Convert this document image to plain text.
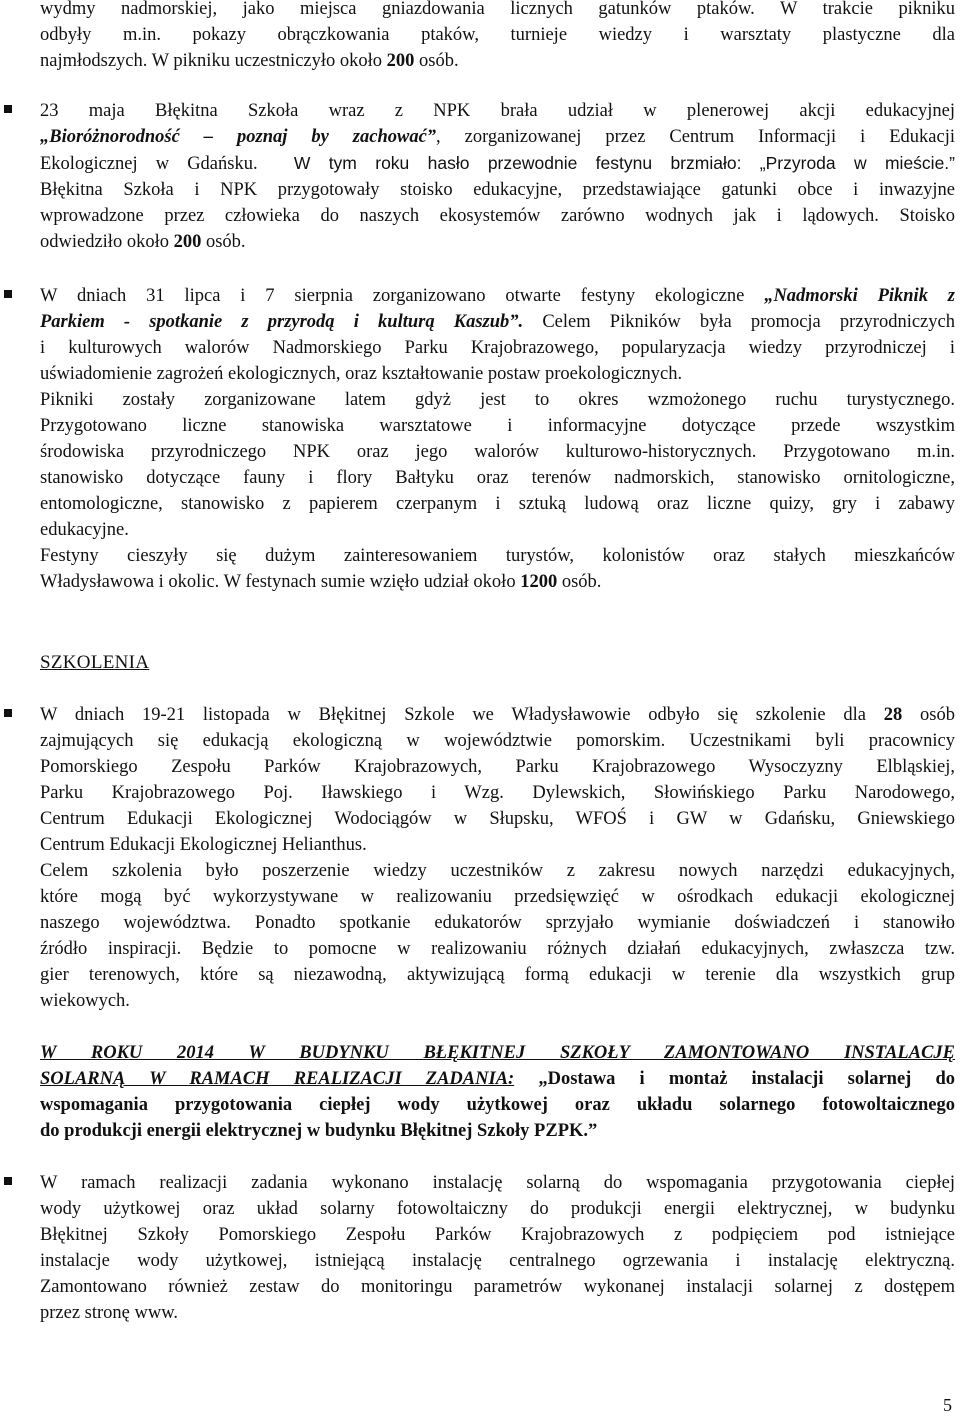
wydmy nadmorskiej, jako miejsca gniazdowania licznych gatunków ptaków. W trakcie pikniku
odbyły m.in. pokazy obrączkowania ptaków, turnieje wiedzy i warsztaty plastyczne dla
najmłodszych. W pikniku uczestniczyło około 200 osób.
23 maja Błękitna Szkoła wraz z NPK brała udział w plenerowej akcji edukacyjnej
„Bioróżnorodność – poznaj by zachować”, zorganizowanej przez Centrum Informacji i Edukacji
Ekologicznej w Gdańsku. W tym roku hasło przewodnie festynu brzmiało: „Przyroda w mieście.”
Błękitna Szkoła i NPK przygotowały stoisko edukacyjne, przedstawiające gatunki obce i inwazyjne
wprowadzone przez człowieka do naszych ekosystemów zarówno wodnych jak i lądowych. Stoisko
odwiedziło około 200 osób.
W dniach 31 lipca i 7 sierpnia zorganizowano otwarte festyny ekologiczne „Nadmorski Piknik z
Parkiem - spotkanie z przyrodą i kulturą Kaszub”. Celem Pikników była promocja przyrodniczych
i kulturowych walorów Nadmorskiego Parku Krajobrazowego, popularyzacja wiedzy przyrodniczej i
uświadomienie zagrożeń ekologicznych, oraz kształtowanie postaw proekologicznych.
Pikniki zostały zorganizowane latem gdyż jest to okres wzmożonego ruchu turystycznego.
Przygotowano liczne stanowiska warsztatowe i informacyjne dotyczące przede wszystkim
środowiska przyrodniczego NPK oraz jego walorów kulturowo-historycznych. Przygotowano m.in.
stanowisko dotyczące fauny i flory Bałtyku oraz terenów nadmorskich, stanowisko ornitologiczne,
entomologiczne, stanowisko z papierem czerpanym i sztuką ludową oraz liczne quizy, gry i zabawy
edukacyjne.
Festyny cieszyły się dużym zainteresowaniem turystów, kolonistów oraz stałych mieszkańców
Władysławowa i okolic. W festynach sumie wzięło udział około 1200 osób.
SZKOLENIA
W dniach 19-21 listopada w Błękitnej Szkole we Władysławowie odbyło się szkolenie dla 28 osób
zajmujących się edukacją ekologiczną w województwie pomorskim. Uczestnikami byli pracownicy
Pomorskiego Zespołu Parków Krajobrazowych, Parku Krajobrazowego Wysoczyzny Elbląskiej,
Parku Krajobrazowego Poj. Iławskiego i Wzg. Dylewskich, Słowińskiego Parku Narodowego,
Centrum Edukacji Ekologicznej Wodociągów w Słupsku, WFOŚ i GW w Gdańsku, Gniewskiego
Centrum Edukacji Ekologicznej Helianthus.
Celem szkolenia było poszerzenie wiedzy uczestników z zakresu nowych narzędzi edukacyjnych,
które mogą być wykorzystywane w realizowaniu przedsięwzięć w ośrodkach edukacji ekologicznej
naszego województwa. Ponadto spotkanie edukatorów sprzyjało wymianie doświadczeń i stanowiło
źródło inspiracji. Będzie to pomocne w realizowaniu różnych działań edukacyjnych, zwłaszcza tzw.
gier terenowych, które są niezawodną, aktywizującą formą edukacji w terenie dla wszystkich grup
wiekowych.
W ROKU 2014 W BUDYNKU BŁĘKITNEJ SZKOŁY ZAMONTOWANO INSTALACJĘ
SOLARNĄ W RAMACH REALIZACJI ZADANIA: „Dostawa i montaż instalacji solarnej do
wspomagania przygotowania ciepłej wody użytkowej oraz układu solarnego fotowoltaicznego
do produkcji energii elektrycznej w budynku Błękitnej Szkoły PZPK.”
W ramach realizacji zadania wykonano instalację solarną do wspomagania przygotowania ciepłej
wody użytkowej oraz układ solarny fotowoltaiczny do produkcji energii elektrycznej, w budynku
Błękitnej Szkoły Pomorskiego Zespołu Parków Krajobrazowych z podpięciem pod istniejące
instalacje wody użytkowej, istniejącą instalację centralnego ogrzewania i instalację elektryczną.
Zamontowano również zestaw do monitoringu parametrów wykonanej instalacji solarnej z dostępem
przez stronę www.
5
